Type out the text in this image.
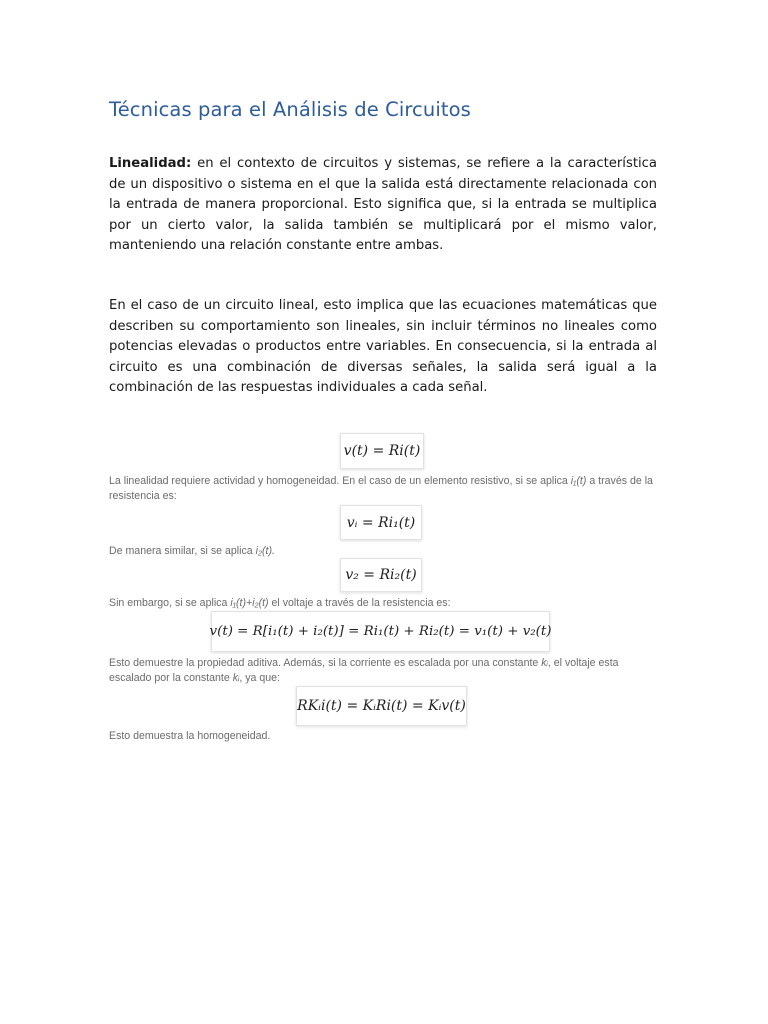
Técnicas para el Análisis de Circuitos

Linealidad: en el contexto de circuitos y sistemas, se refiere a la característica de un dispositivo o sistema en el que la salida está directamente relacionada con la entrada de manera proporcional. Esto significa que, si la entrada se multiplica por un cierto valor, la salida también se multiplicará por el mismo valor, manteniendo una relación constante entre ambas.

En el caso de un circuito lineal, esto implica que las ecuaciones matemáticas que describen su comportamiento son lineales, sin incluir términos no lineales como potencias elevadas o productos entre variables. En consecuencia, si la entrada al circuito es una combinación de diversas señales, la salida será igual a la combinación de las respuestas individuales a cada señal.

v(t) = Ri(t)

La linealidad requiere actividad y homogeneidad. En el caso de un elemento resistivo, si se aplica i₁(t) a través de la resistencia es:

vᵢ = Ri₁(t)

De manera similar, si se aplica i₂(t).

v₂ = Ri₂(t)

Sin embargo, si se aplica i₁(t)+i₂(t) el voltaje a través de la resistencia es:

v(t) = R[i₁(t) + i₂(t)] = Ri₁(t) + Ri₂(t) = v₁(t) + v₂(t)

Esto demuestre la propiedad aditiva. Además, si la corriente es escalada por una constante kᵢ, el voltaje esta escalado por la constante kᵢ, ya que:

RKᵢi(t) = KᵢRi(t) = Kᵢv(t)

Esto demuestra la homogeneidad.
